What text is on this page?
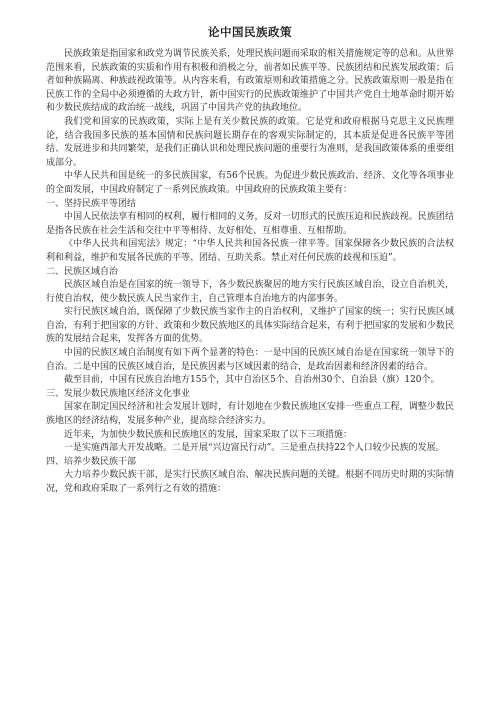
论中国民族政策

民族政策是指国家和政党为调节民族关系，处理民族问题而采取的相关措施规定等的总和。从世界范围来看，民族政策的实质和作用有积极和消极之分，前者如民族平等、民族团结和民族发展政策；后者如种族隔离、种族歧视政策等。从内容来看，有政策原则和政策措施之分。民族政策原则一般是指在民族工作的全局中必须遵循的大政方针，新中国实行的民族政策维护了中国共产党自土地革命时期开始和少数民族结成的政治统一战线，巩固了中国共产党的执政地位。

我们党和国家的民族政策，实际上是有关少数民族的政策。它是党和政府根据马克思主义民族理论，结合我国多民族的基本国情和民族问题长期存在的客观实际制定的，其本质是促进各民族平等团结、发展进步和共同繁荣，是我们正确认识和处理民族问题的重要行为准则，是我国政策体系的重要组成部分。

中华人民共和国是统一的多民族国家，有56个民族。为促进少数民族政治、经济、文化等各项事业的全面发展，中国政府制定了一系列民族政策。中国政府的民族政策主要有：

一、坚持民族平等团结

中国人民依法享有相同的权利，履行相同的义务，反对一切形式的民族压迫和民族歧视。民族团结是指各民族在社会生活和交往中平等相待、友好相处、互相尊重、互相帮助。

《中华人民共和国宪法》规定：“中华人民共和国各民族一律平等。国家保障各少数民族的合法权利和利益，维护和发展各民族的平等、团结、互助关系。禁止对任何民族的歧视和压迫”。

二、民族区域自治

民族区域自治是在国家的统一领导下，各少数民族聚居的地方实行民族区域自治，设立自治机关，行使自治权，使少数民族人民当家作主，自己管理本自治地方的内部事务。

实行民族区域自治，既保障了少数民族当家作主的自治权利，又维护了国家的统一；实行民族区域自治，有利于把国家的方针、政策和少数民族地区的具体实际结合起来，有利于把国家的发展和少数民族的发展结合起来，发挥各方面的优势。

中国的民族区域自治制度有如下两个显著的特色：一是中国的民族区域自治是在国家统一领导下的自治。二是中国的民族区域自治，是民族因素与区域因素的结合，是政治因素和经济因素的结合。

截至目前，中国有民族自治地方155个，其中自治区5个、自治州30个、自治县（旗）120个。

三、发展少数民族地区经济文化事业

国家在制定国民经济和社会发展计划时，有计划地在少数民族地区安排一些重点工程，调整少数民族地区的经济结构，发展多种产业，提高综合经济实力。

近年来，为加快少数民族和民族地区的发展，国家采取了以下三项措施：

一是实施西部大开发战略。二是开展“兴边富民行动”。三是重点扶持22个人口较少民族的发展。

四、培养少数民族干部

大力培养少数民族干部，是实行民族区域自治、解决民族问题的关键。根据不同历史时期的实际情况，党和政府采取了一系列行之有效的措施：
